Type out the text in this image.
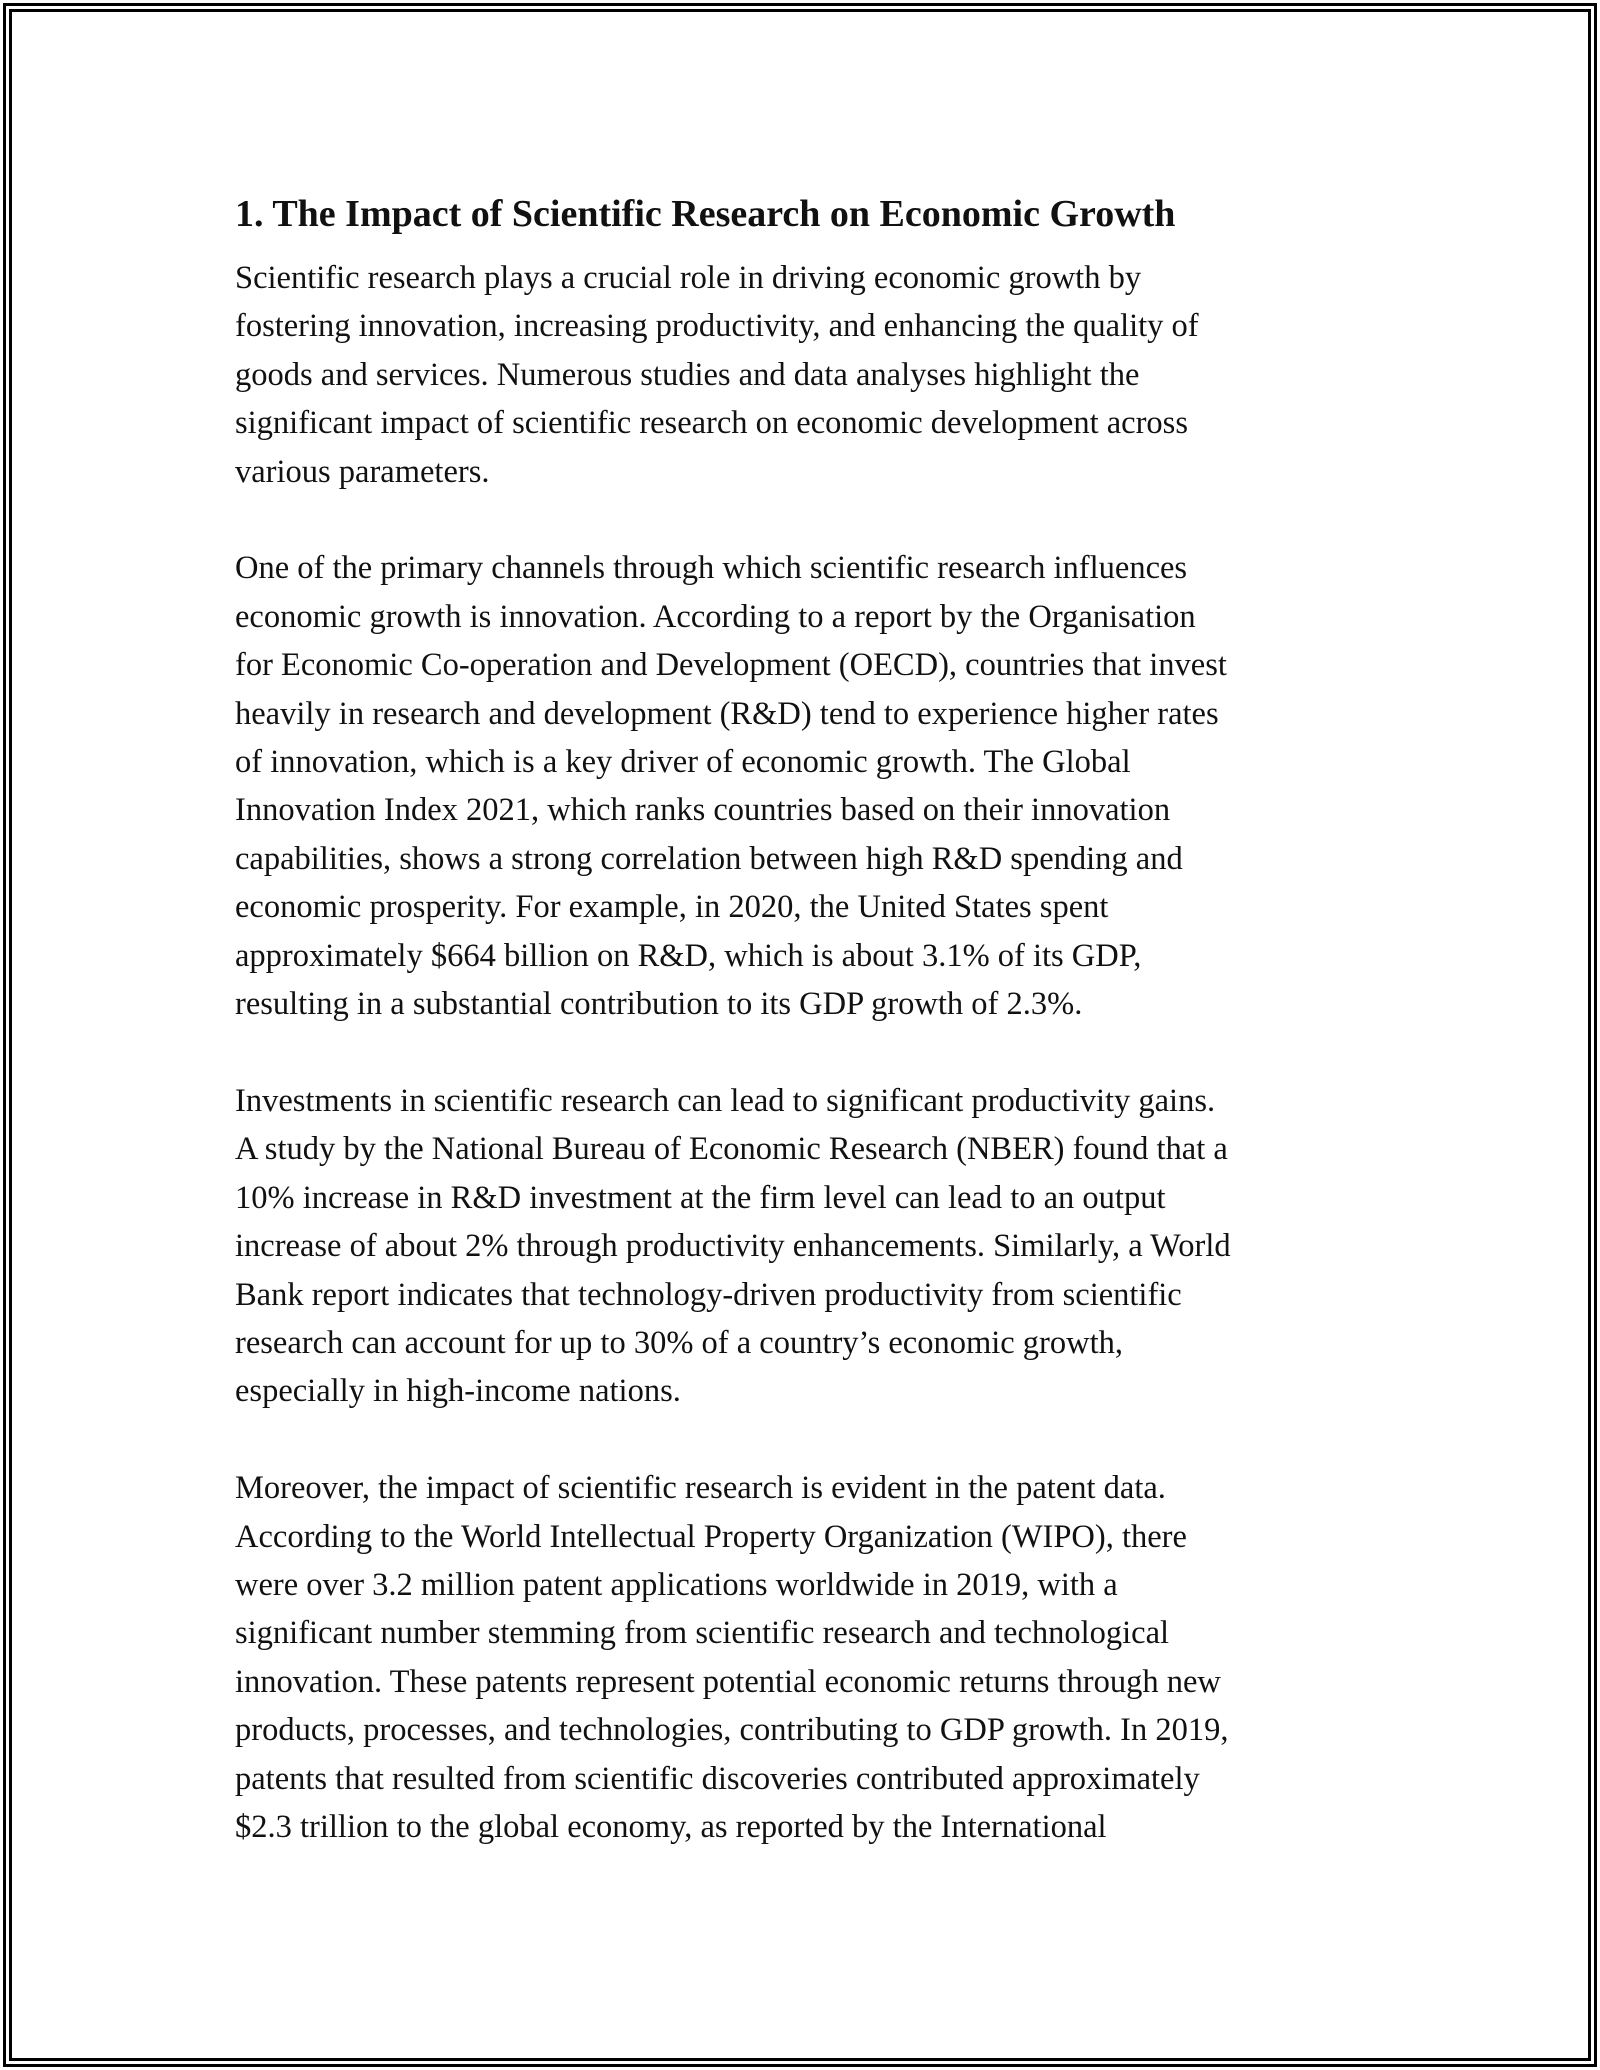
1. The Impact of Scientific Research on Economic Growth
Scientific research plays a crucial role in driving economic growth by
fostering innovation, increasing productivity, and enhancing the quality of
goods and services. Numerous studies and data analyses highlight the
significant impact of scientific research on economic development across
various parameters.
One of the primary channels through which scientific research influences
economic growth is innovation. According to a report by the Organisation
for Economic Co-operation and Development (OECD), countries that invest
heavily in research and development (R&D) tend to experience higher rates
of innovation, which is a key driver of economic growth. The Global
Innovation Index 2021, which ranks countries based on their innovation
capabilities, shows a strong correlation between high R&D spending and
economic prosperity. For example, in 2020, the United States spent
approximately $664 billion on R&D, which is about 3.1% of its GDP,
resulting in a substantial contribution to its GDP growth of 2.3%.
Investments in scientific research can lead to significant productivity gains.
A study by the National Bureau of Economic Research (NBER) found that a
10% increase in R&D investment at the firm level can lead to an output
increase of about 2% through productivity enhancements. Similarly, a World
Bank report indicates that technology-driven productivity from scientific
research can account for up to 30% of a country’s economic growth,
especially in high-income nations.
Moreover, the impact of scientific research is evident in the patent data.
According to the World Intellectual Property Organization (WIPO), there
were over 3.2 million patent applications worldwide in 2019, with a
significant number stemming from scientific research and technological
innovation. These patents represent potential economic returns through new
products, processes, and technologies, contributing to GDP growth. In 2019,
patents that resulted from scientific discoveries contributed approximately
$2.3 trillion to the global economy, as reported by the International
